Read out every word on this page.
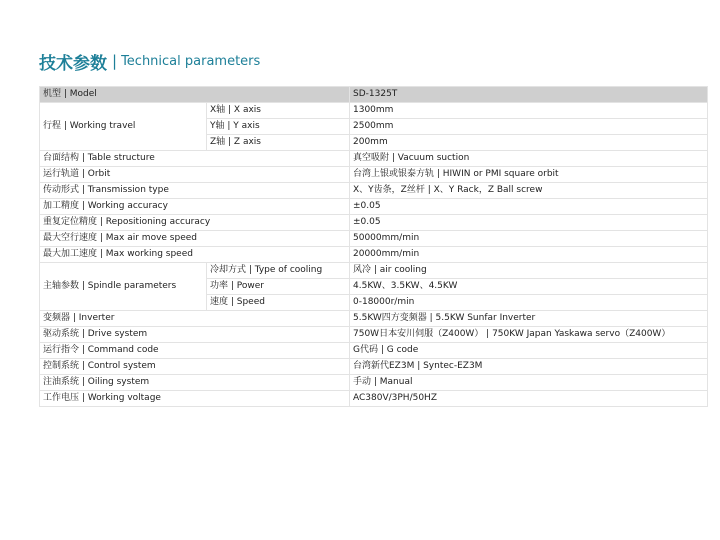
技术参数 | Technical parameters
机型 | Model		SD-1325T
行程 | Working travel	X轴 | X axis	1300mm
	Y轴 | Y axis	2500mm
	Z轴 | Z axis	200mm
台面结构 | Table structure		真空吸附 | Vacuum suction
运行轨道 | Orbit		台湾上银或银泰方轨 | HIWIN or PMI square orbit
传动形式 | Transmission type		X、Y齿条，Z丝杆 | X、Y Rack，Z Ball screw
加工精度 | Working accuracy		±0.05
重复定位精度 | Repositioning accuracy		±0.05
最大空行速度 | Max air move speed		50000mm/min
最大加工速度 | Max working speed		20000mm/min
主轴参数 | Spindle parameters	冷却方式 | Type of cooling	风冷 | air cooling
	功率 | Power	4.5KW、3.5KW、4.5KW
	速度 | Speed	0-18000r/min
变频器 | Inverter		5.5KW四方变频器 | 5.5KW Sunfar Inverter
驱动系统 | Drive system		750W日本安川伺服（Z400W） | 750KW Japan Yaskawa servo（Z400W）
运行指令 | Command code		G代码 | G code
控制系统 | Control system		台湾新代EZ3M | Syntec-EZ3M
注油系统 | Oiling system		手动 | Manual
工作电压 | Working voltage		AC380V/3PH/50HZ
